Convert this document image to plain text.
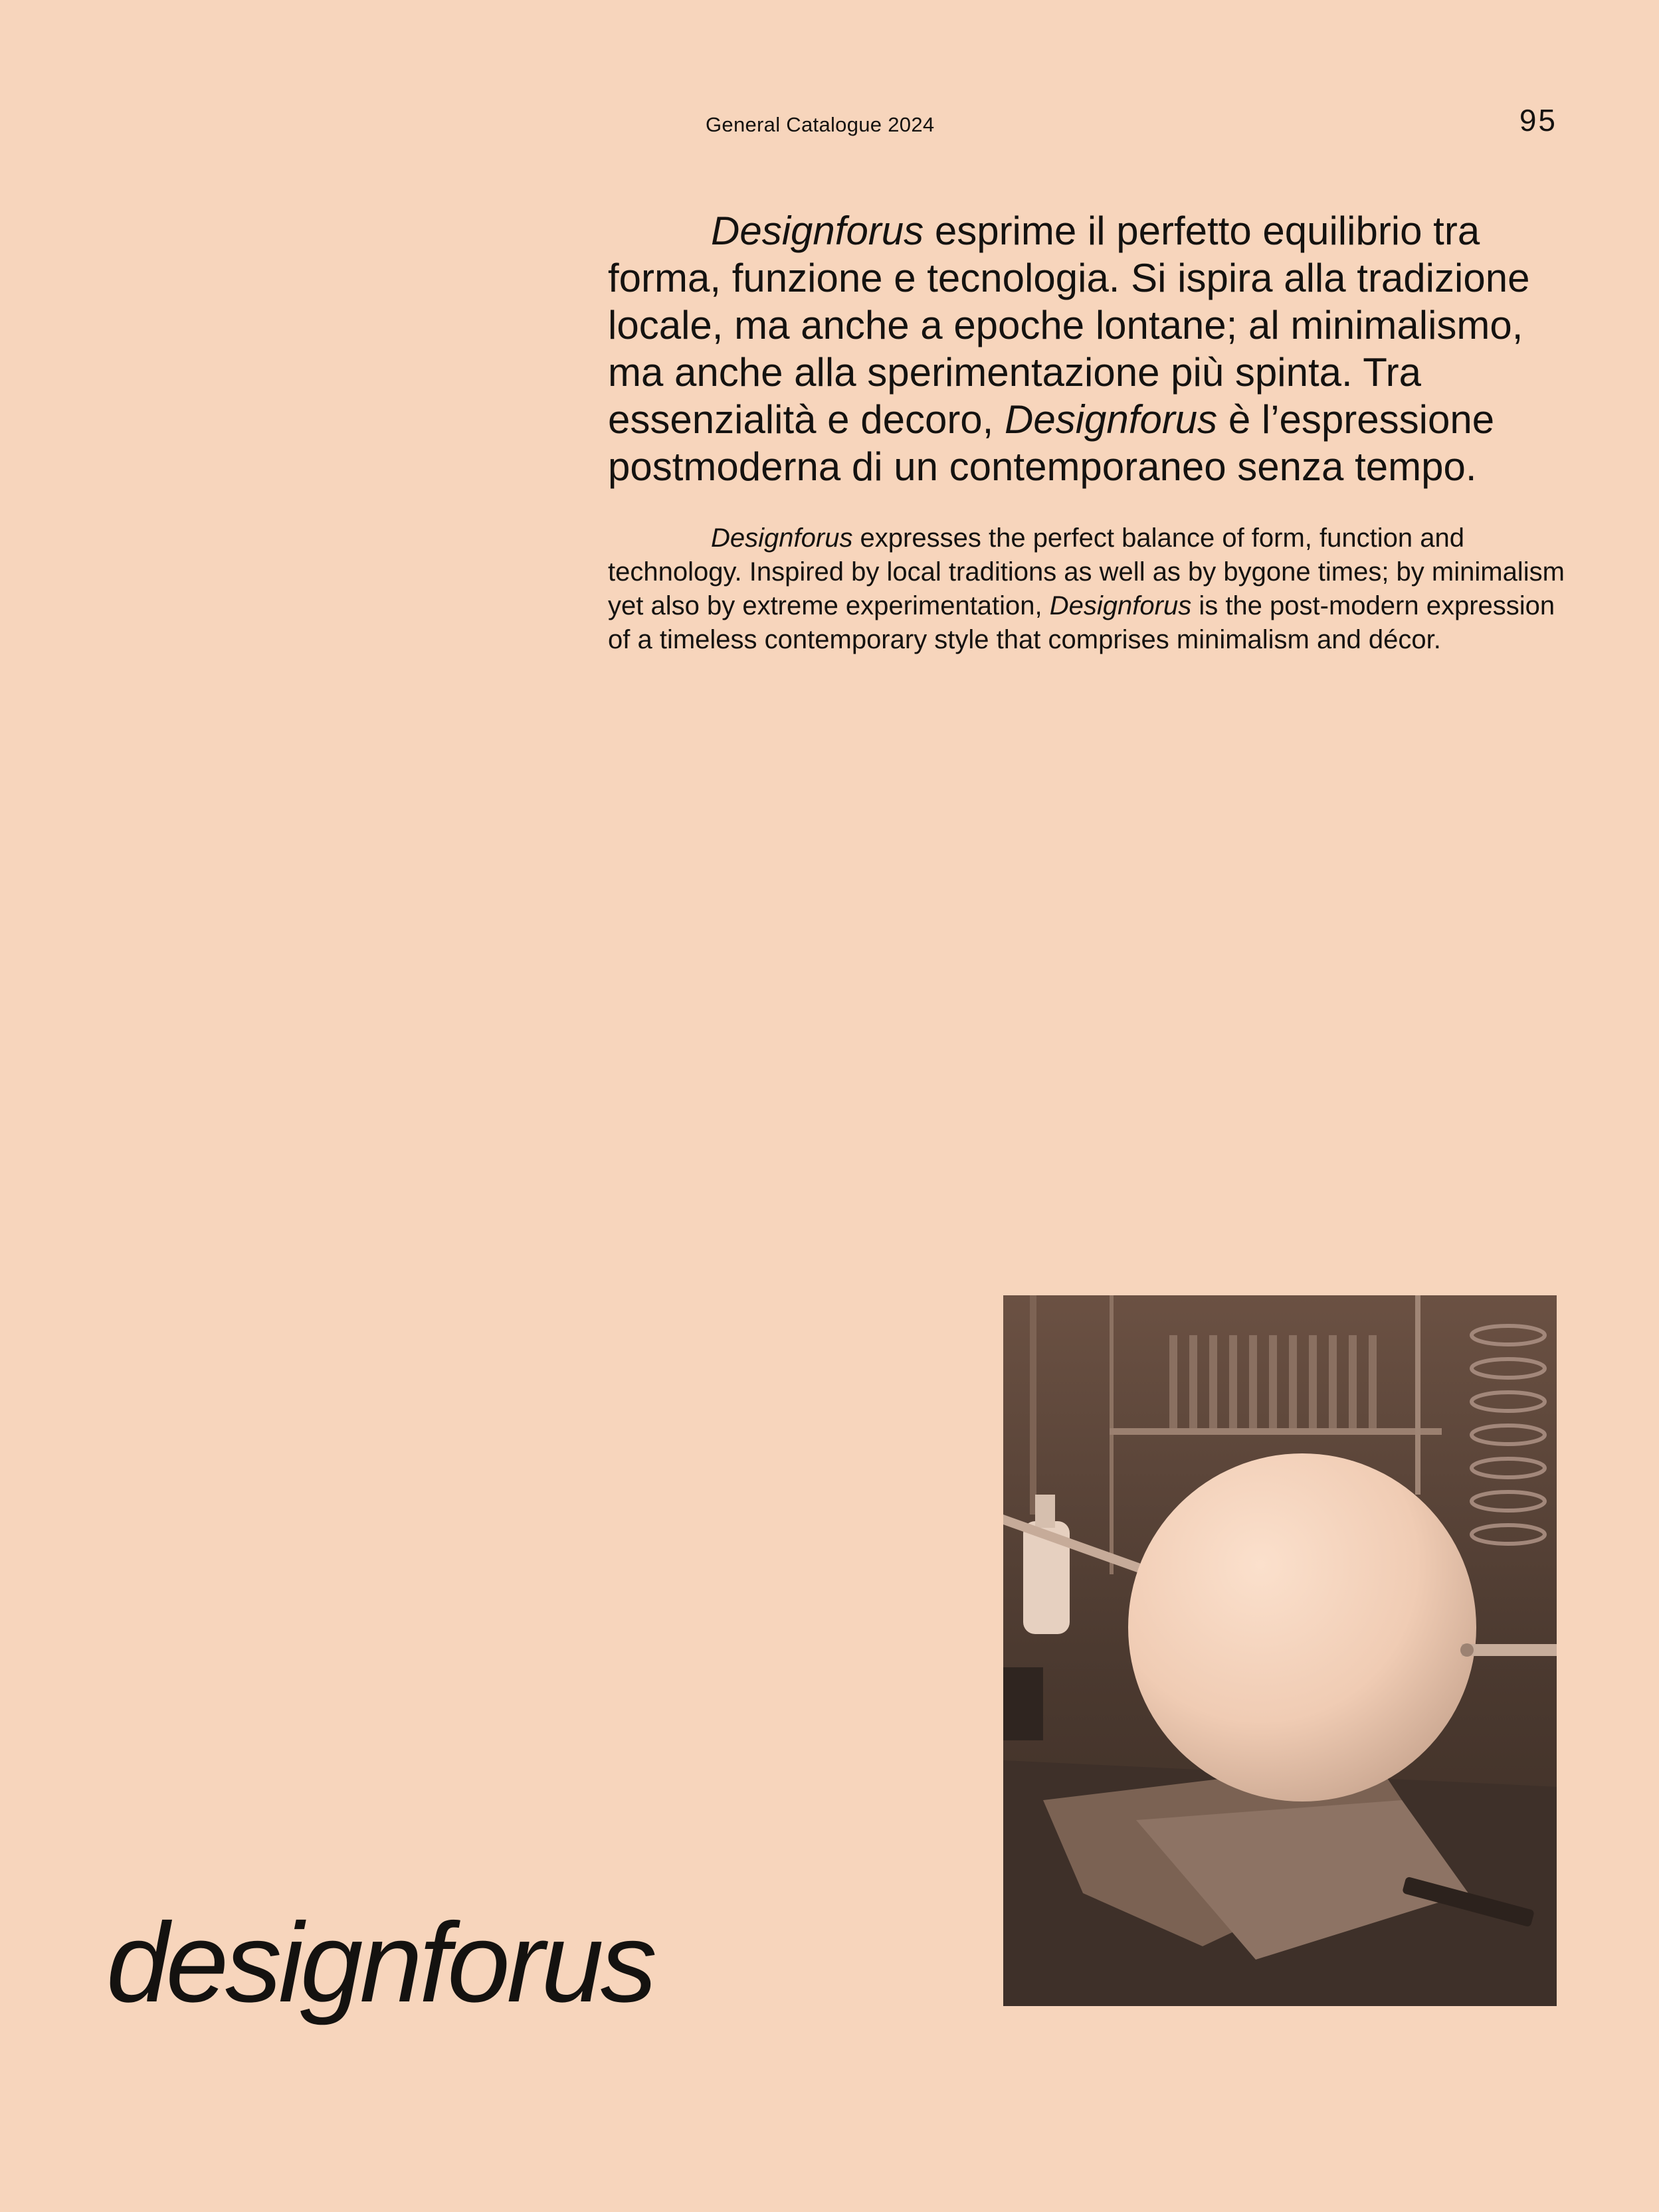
General Catalogue 2024	95

Designforus esprime il perfetto equilibrio tra forma, funzione e tecnologia. Si ispira alla tradizione locale, ma anche a epoche lontane; al minimalismo, ma anche alla sperimentazione più spinta. Tra essenzialità e decoro, Designforus è l’espressione postmoderna di un contemporaneo senza tempo.

Designforus expresses the perfect balance of form, function and technology. Inspired by local traditions as well as by bygone times; by minimalism yet also by extreme experimentation, Designforus is the post-modern expression of a timeless contemporary style that comprises minimalism and décor.

designforus
